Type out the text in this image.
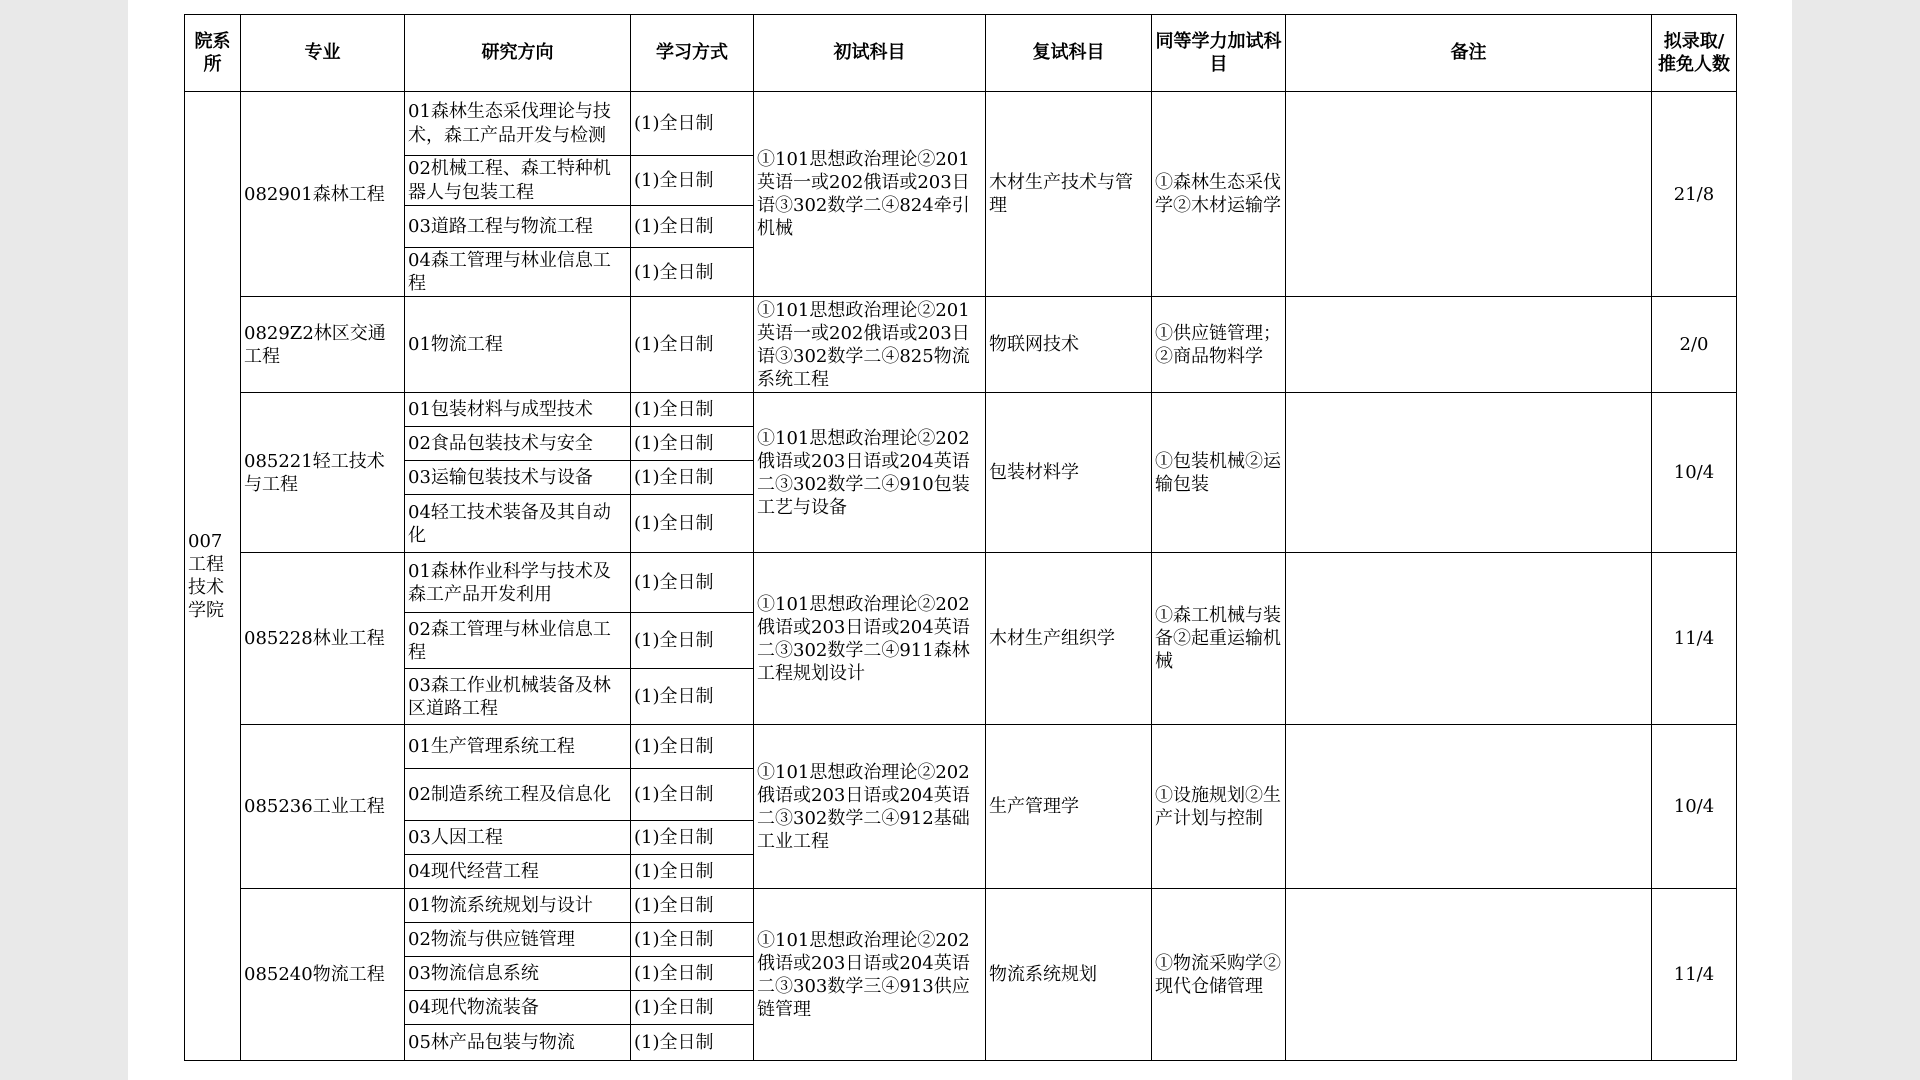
院系所	专业	研究方向	学习方式	初试科目	复试科目	同等学力加试科目	备注	拟录取/推免人数
007工程技术学院	082901森林工程	01森林生态采伐理论与技术，森工产品开发与检测	(1)全日制	①101思想政治理论②201英语一或202俄语或203日语③302数学二④824牵引机械	木材生产技术与管理	①森林生态采伐学②木材运输学		21/8
		02机械工程、森工特种机器人与包装工程	(1)全日制					
		03道路工程与物流工程	(1)全日制					
		04森工管理与林业信息工程	(1)全日制					
	0829Z2林区交通工程	01物流工程	(1)全日制	①101思想政治理论②201英语一或202俄语或203日语③302数学二④825物流系统工程	物联网技术	①供应链管理；②商品物料学		2/0
	085221轻工技术与工程	01包装材料与成型技术	(1)全日制	①101思想政治理论②202俄语或203日语或204英语二③302数学二④910包装工艺与设备	包装材料学	①包装机械②运输包装		10/4
		02食品包装技术与安全	(1)全日制					
		03运输包装技术与设备	(1)全日制					
		04轻工技术装备及其自动化	(1)全日制					
	085228林业工程	01森林作业科学与技术及森工产品开发利用	(1)全日制	①101思想政治理论②202俄语或203日语或204英语二③302数学二④911森林工程规划设计	木材生产组织学	①森工机械与装备②起重运输机械		11/4
		02森工管理与林业信息工程	(1)全日制					
		03森工作业机械装备及林区道路工程	(1)全日制					
	085236工业工程	01生产管理系统工程	(1)全日制	①101思想政治理论②202俄语或203日语或204英语二③302数学二④912基础工业工程	生产管理学	①设施规划②生产计划与控制		10/4
		02制造系统工程及信息化	(1)全日制					
		03人因工程	(1)全日制					
		04现代经营工程	(1)全日制					
	085240物流工程	01物流系统规划与设计	(1)全日制	①101思想政治理论②202俄语或203日语或204英语二③303数学三④913供应链管理	物流系统规划	①物流采购学②现代仓储管理		11/4
		02物流与供应链管理	(1)全日制					
		03物流信息系统	(1)全日制					
		04现代物流装备	(1)全日制					
		05林产品包装与物流	(1)全日制					
